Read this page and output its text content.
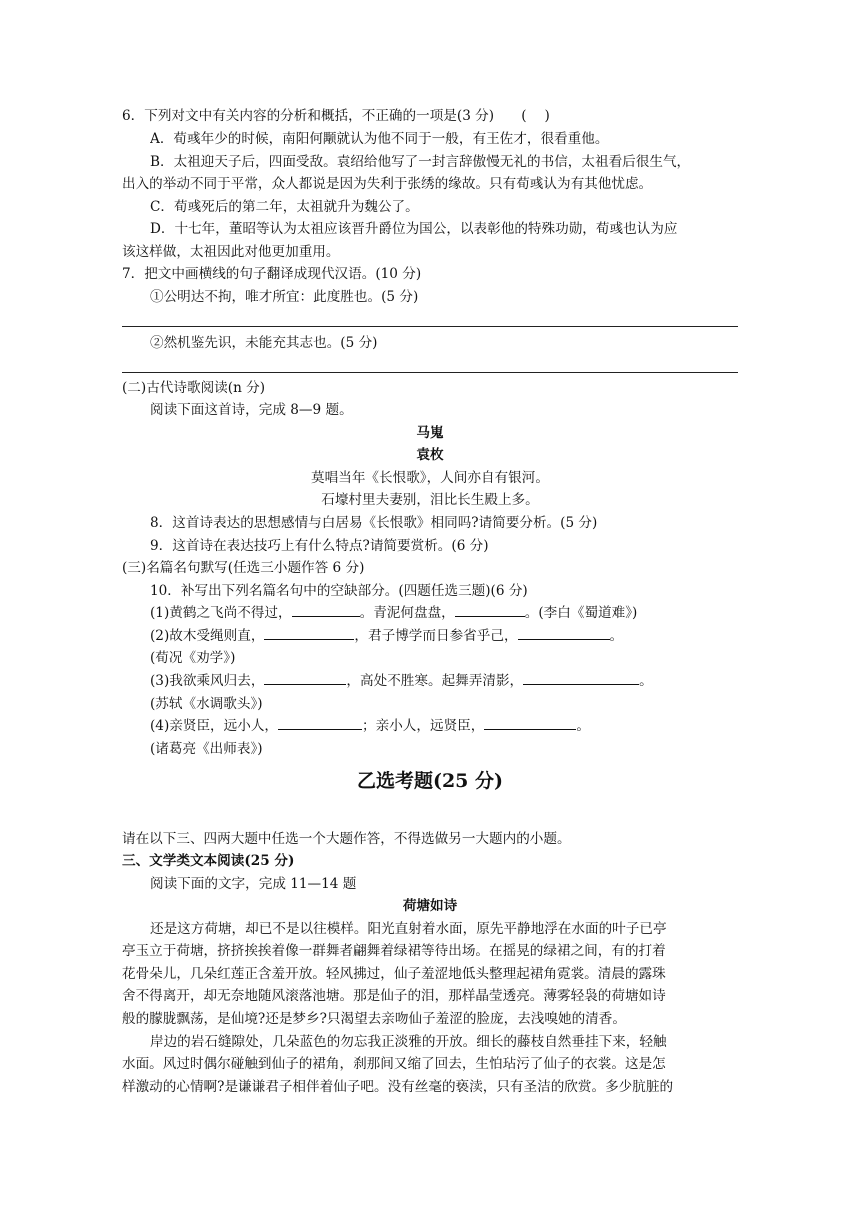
6．下列对文中有关内容的分析和概括，不正确的一项是(3 分)　　(　 )
A．荀彧年少的时候，南阳何颙就认为他不同于一般，有王佐才，很看重他。
B．太祖迎天子后，四面受敌。袁绍给他写了一封言辞傲慢无礼的书信，太祖看后很生气，
出入的举动不同于平常，众人都说是因为失利于张绣的缘故。只有荀彧认为有其他忧虑。
C．荀彧死后的第二年，太祖就升为魏公了。
D．十七年，董昭等认为太祖应该晋升爵位为国公，以表彰他的特殊功勋，荀彧也认为应
该这样做，太祖因此对他更加重用。
7．把文中画横线的句子翻译成现代汉语。(10 分)
①公明达不拘，唯才所宜：此度胜也。(5 分)
②然机鉴先识，未能充其志也。(5 分)
(二)古代诗歌阅读(n 分)
阅读下面这首诗，完成 8—9 题。
马嵬
袁枚
莫唱当年《长恨歌》，人间亦自有银河。
石壕村里夫妻别，泪比长生殿上多。
8．这首诗表达的思想感情与白居易《长恨歌》相同吗?请简要分析。(5 分)
9．这首诗在表达技巧上有什么特点?请简要赏析。(6 分)
(三)名篇名句默写(任选三小题作答 6 分)
10．补写出下列名篇名句中的空缺部分。(四题任选三题)(6 分)
(1)黄鹤之飞尚不得过，	。青泥何盘盘，	。(李白《蜀道难》)
(2)故木受绳则直，	，君子博学而日参省乎己，	。
(荀况《劝学》)
(3)我欲乘风归去，	，高处不胜寒。起舞弄清影，	。
(苏轼《水调歌头》)
(4)亲贤臣，远小人，	；亲小人，远贤臣，	。
(诸葛亮《出师表》)
乙选考题(25 分)
请在以下三、四两大题中任选一个大题作答，不得选做另一大题内的小题。
三、文学类文本阅读(25 分)
阅读下面的文字，完成 11—14 题
荷塘如诗
还是这方荷塘，却已不是以往模样。阳光直射着水面，原先平静地浮在水面的叶子已亭
亭玉立于荷塘，挤挤挨挨着像一群舞者翩舞着绿裙等待出场。在摇晃的绿裙之间，有的打着
花骨朵儿，几朵红莲正含羞开放。轻风拂过，仙子羞涩地低头整理起裙角霓裳。清晨的露珠
舍不得离开，却无奈地随风滚落池塘。那是仙子的泪，那样晶莹透亮。薄雾轻袅的荷塘如诗
般的朦胧飘荡，是仙境?还是梦乡?只渴望去亲吻仙子羞涩的脸庞，去浅嗅她的清香。
岸边的岩石缝隙处，几朵蓝色的勿忘我正淡雅的开放。细长的藤枝自然垂挂下来，轻触
水面。风过时偶尔碰触到仙子的裙角，刹那间又缩了回去，生怕玷污了仙子的衣裳。这是怎
样激动的心情啊?是谦谦君子相伴着仙子吧。没有丝毫的亵渎，只有圣洁的欣赏。多少肮脏的
